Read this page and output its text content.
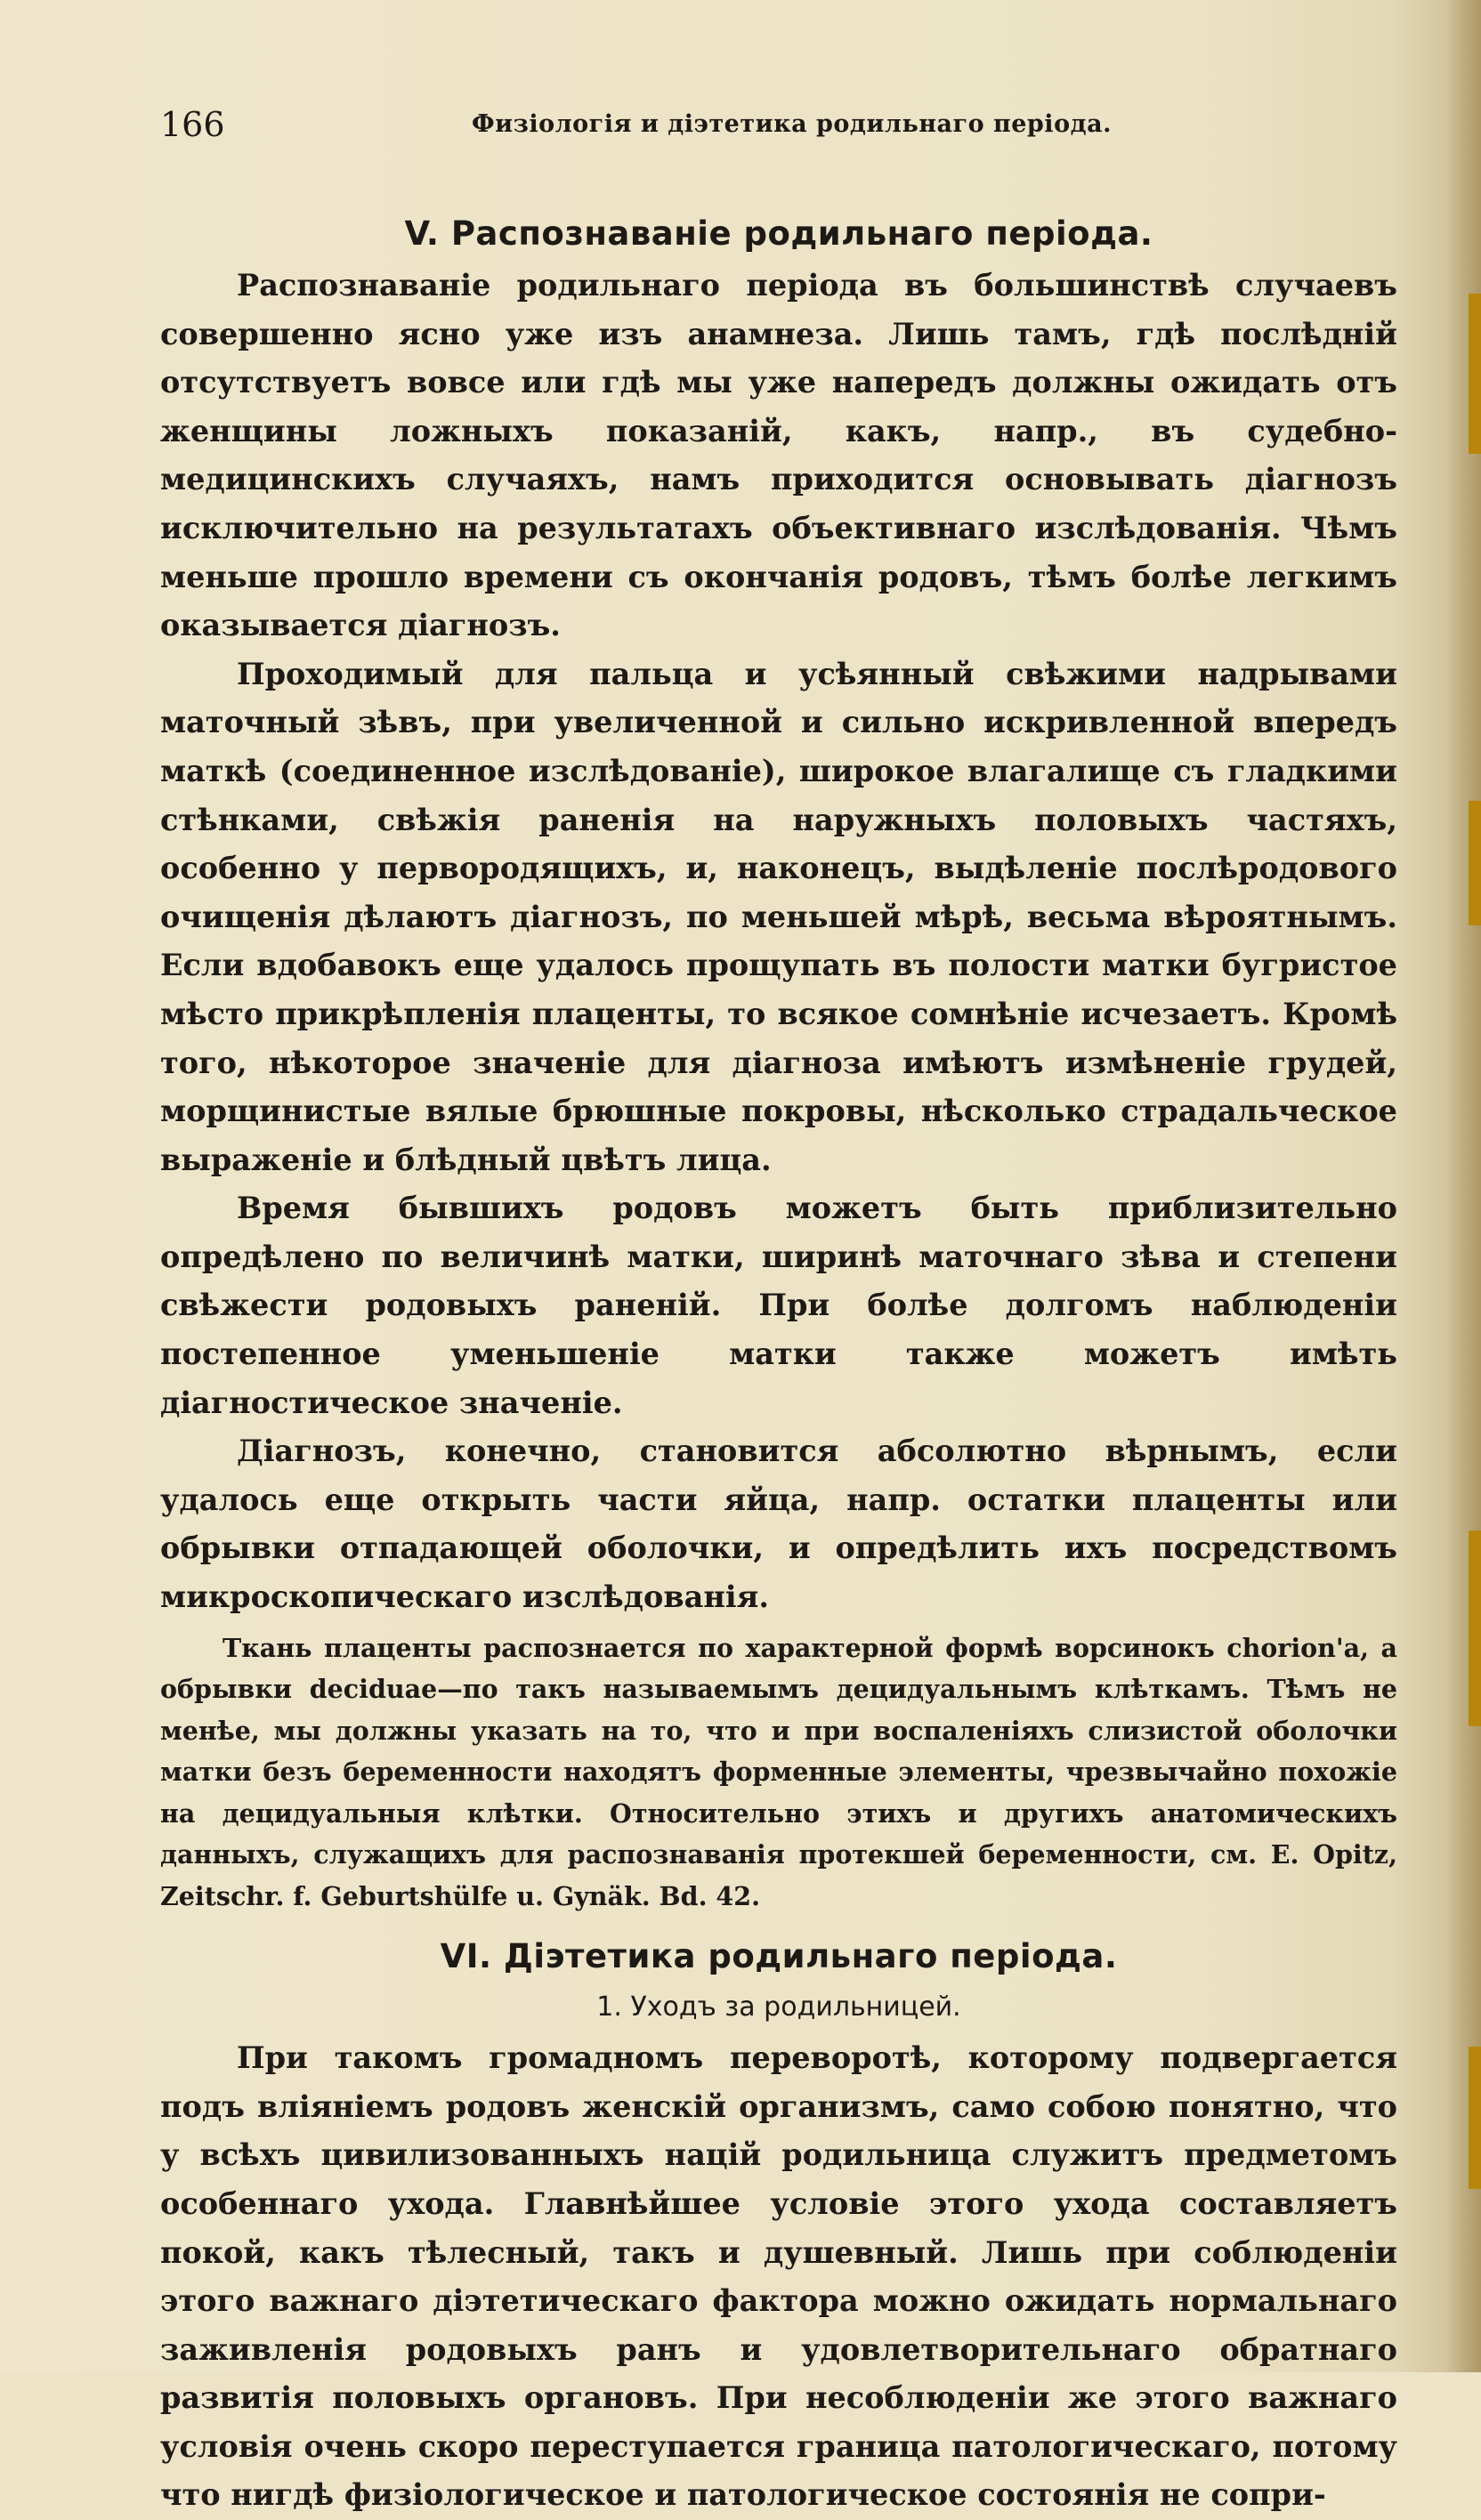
166	Физiологiя и дiэтетика родильнаго перiода.
V. Распознаванiе родильнаго перiода.

Распознаванiе родильнаго перiода въ большинствѣ случаевъ совершенно ясно уже изъ анамнеза. Лишь тамъ, гдѣ послѣднiй отсутствуетъ вовсе или гдѣ мы уже напередъ должны ожидать отъ женщины ложныхъ показанiй, какъ, напр., въ судебно-медицинскихъ случаяхъ, намъ приходится основывать дiагнозъ исключительно на результатахъ объективнаго изслѣдованiя. Чѣмъ меньше прошло времени съ окончанiя родовъ, тѣмъ болѣе легкимъ оказывается дiагнозъ.

Проходимый для пальца и усѣянный свѣжими надрывами маточный зѣвъ, при увеличенной и сильно искривленной впередъ маткѣ (соединенное изслѣдованiе), широкое влагалище съ гладкими стѣнками, свѣжiя раненiя на наружныхъ половыхъ частяхъ, особенно у первородящихъ, и, наконецъ, выдѣленiе послѣродового очищенiя дѣлаютъ дiагнозъ, по меньшей мѣрѣ, весьма вѣроятнымъ. Если вдобавокъ еще удалось прощупать въ полости матки бугристое мѣсто прикрѣпленiя плаценты, то всякое сомнѣнiе исчезаетъ. Кромѣ того, нѣкоторое значенiе для дiагноза имѣютъ измѣненiе грудей, морщинистые вялые брюшные покровы, нѣсколько страдальческое выраженiе и блѣдный цвѣтъ лица.

Время бывшихъ родовъ можетъ быть приблизительно опредѣлено по величинѣ матки, ширинѣ маточнаго зѣва и степени свѣжести родовыхъ раненiй. При болѣе долгомъ наблюденiи постепенное уменьшенiе матки также можетъ имѣть дiагностическое значенiе.

Дiагнозъ, конечно, становится абсолютно вѣрнымъ, если удалось еще открыть части яйца, напр. остатки плаценты или обрывки отпадающей оболочки, и опредѣлить ихъ посредствомъ микроскопическаго изслѣдованiя.

Ткань плаценты распознается по характерной формѣ ворсинокъ chorion'a, а обрывки deciduae—по такъ называемымъ децидуальнымъ клѣткамъ. Тѣмъ не менѣе, мы должны указать на то, что и при воспаленiяхъ слизистой оболочки матки безъ беременности находятъ форменные элементы, чрезвычайно похожiе на децидуальныя клѣтки. Относительно этихъ и другихъ анатомическихъ данныхъ, служащихъ для распознаванiя протекшей беременности, см. E. Opitz, Zeitschr. f. Geburtshülfe u. Gynäk. Bd. 42.

VI. Дiэтетика родильнаго перiода.
1. Уходъ за родильницей.

При такомъ громадномъ переворотѣ, которому подвергается подъ влiянiемъ родовъ женскiй организмъ, само собою понятно, что у всѣхъ цивилизованныхъ нацiй родильница служитъ предметомъ особеннаго ухода. Главнѣйшее условiе этого ухода составляетъ покой, какъ тѣлесный, такъ и душевный. Лишь при соблюденiи этого важнаго дiэтетическаго фактора можно ожидать нормальнаго заживленiя родовыхъ ранъ и удовлетворительнаго обратнаго развитiя половыхъ органовъ. При несоблюденiи же этого важнаго условiя очень скоро переступается граница патологическаго, потому что нигдѣ физiологическое и патологическое состоянiя не сопри-
